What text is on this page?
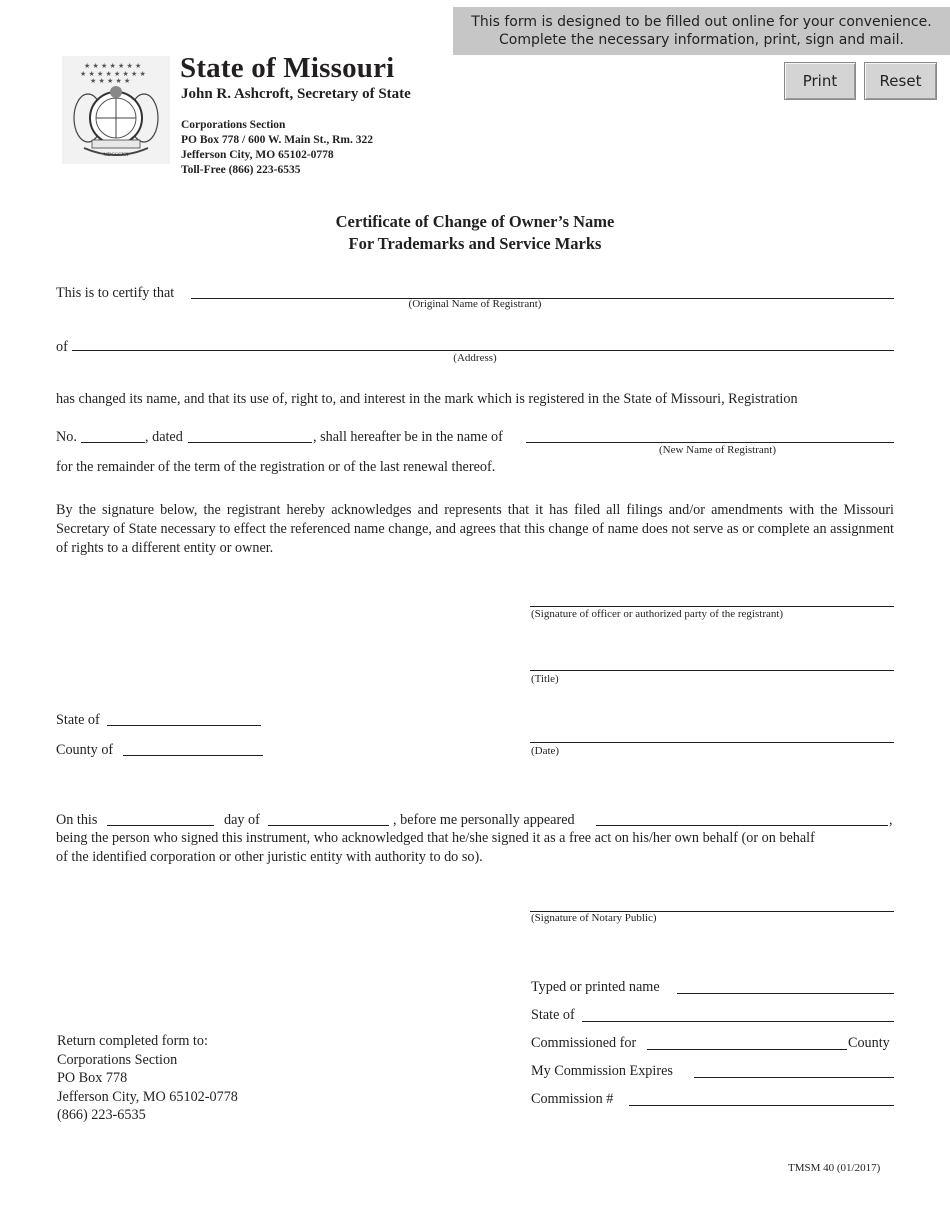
This form is designed to be filled out online for your convenience.
Complete the necessary information, print, sign and mail.
Print	Reset
★ ★ ★ ★ ★ ★ ★
★ ★ ★ ★ ★ ★ ★ ★
★ ★ ★ ★ ★
MDCCCXX
State of Missouri
John R. Ashcroft, Secretary of State
Corporations Section
PO Box 778 / 600 W. Main St., Rm. 322
Jefferson City, MO 65102-0778
Toll-Free (866) 223-6535
Certificate of Change of Owner’s Name
For Trademarks and Service Marks
This is to certify that
(Original Name of Registrant)
of
(Address)
has changed its name, and that its use of, right to, and interest in the mark which is registered in the State of Missouri, Registration
No.	, dated	, shall hereafter be in the name of
(New Name of Registrant)
for the remainder of the term of the registration or of the last renewal thereof.
By the signature below, the registrant hereby acknowledges and represents that it has filed all filings and/or amendments with the Missouri Secretary of State necessary to effect the referenced name change, and agrees that this change of name does not serve as or complete an assignment of rights to a different entity or owner.
(Signature of officer or authorized party of the registrant)
(Title)
(Date)
State of
County of
On this	day of	, before me personally appeared	,
being the person who signed this instrument, who acknowledged that he/she signed it as a free act on his/her own behalf (or on behalf
of the identified corporation or other juristic entity with authority to do so).
(Signature of Notary Public)
Typed or printed name
State of
Commissioned for	County
My Commission Expires
Commission #
Return completed form to:
Corporations Section
PO Box 778
Jefferson City, MO 65102-0778
(866) 223-6535
TMSM 40 (01/2017)
